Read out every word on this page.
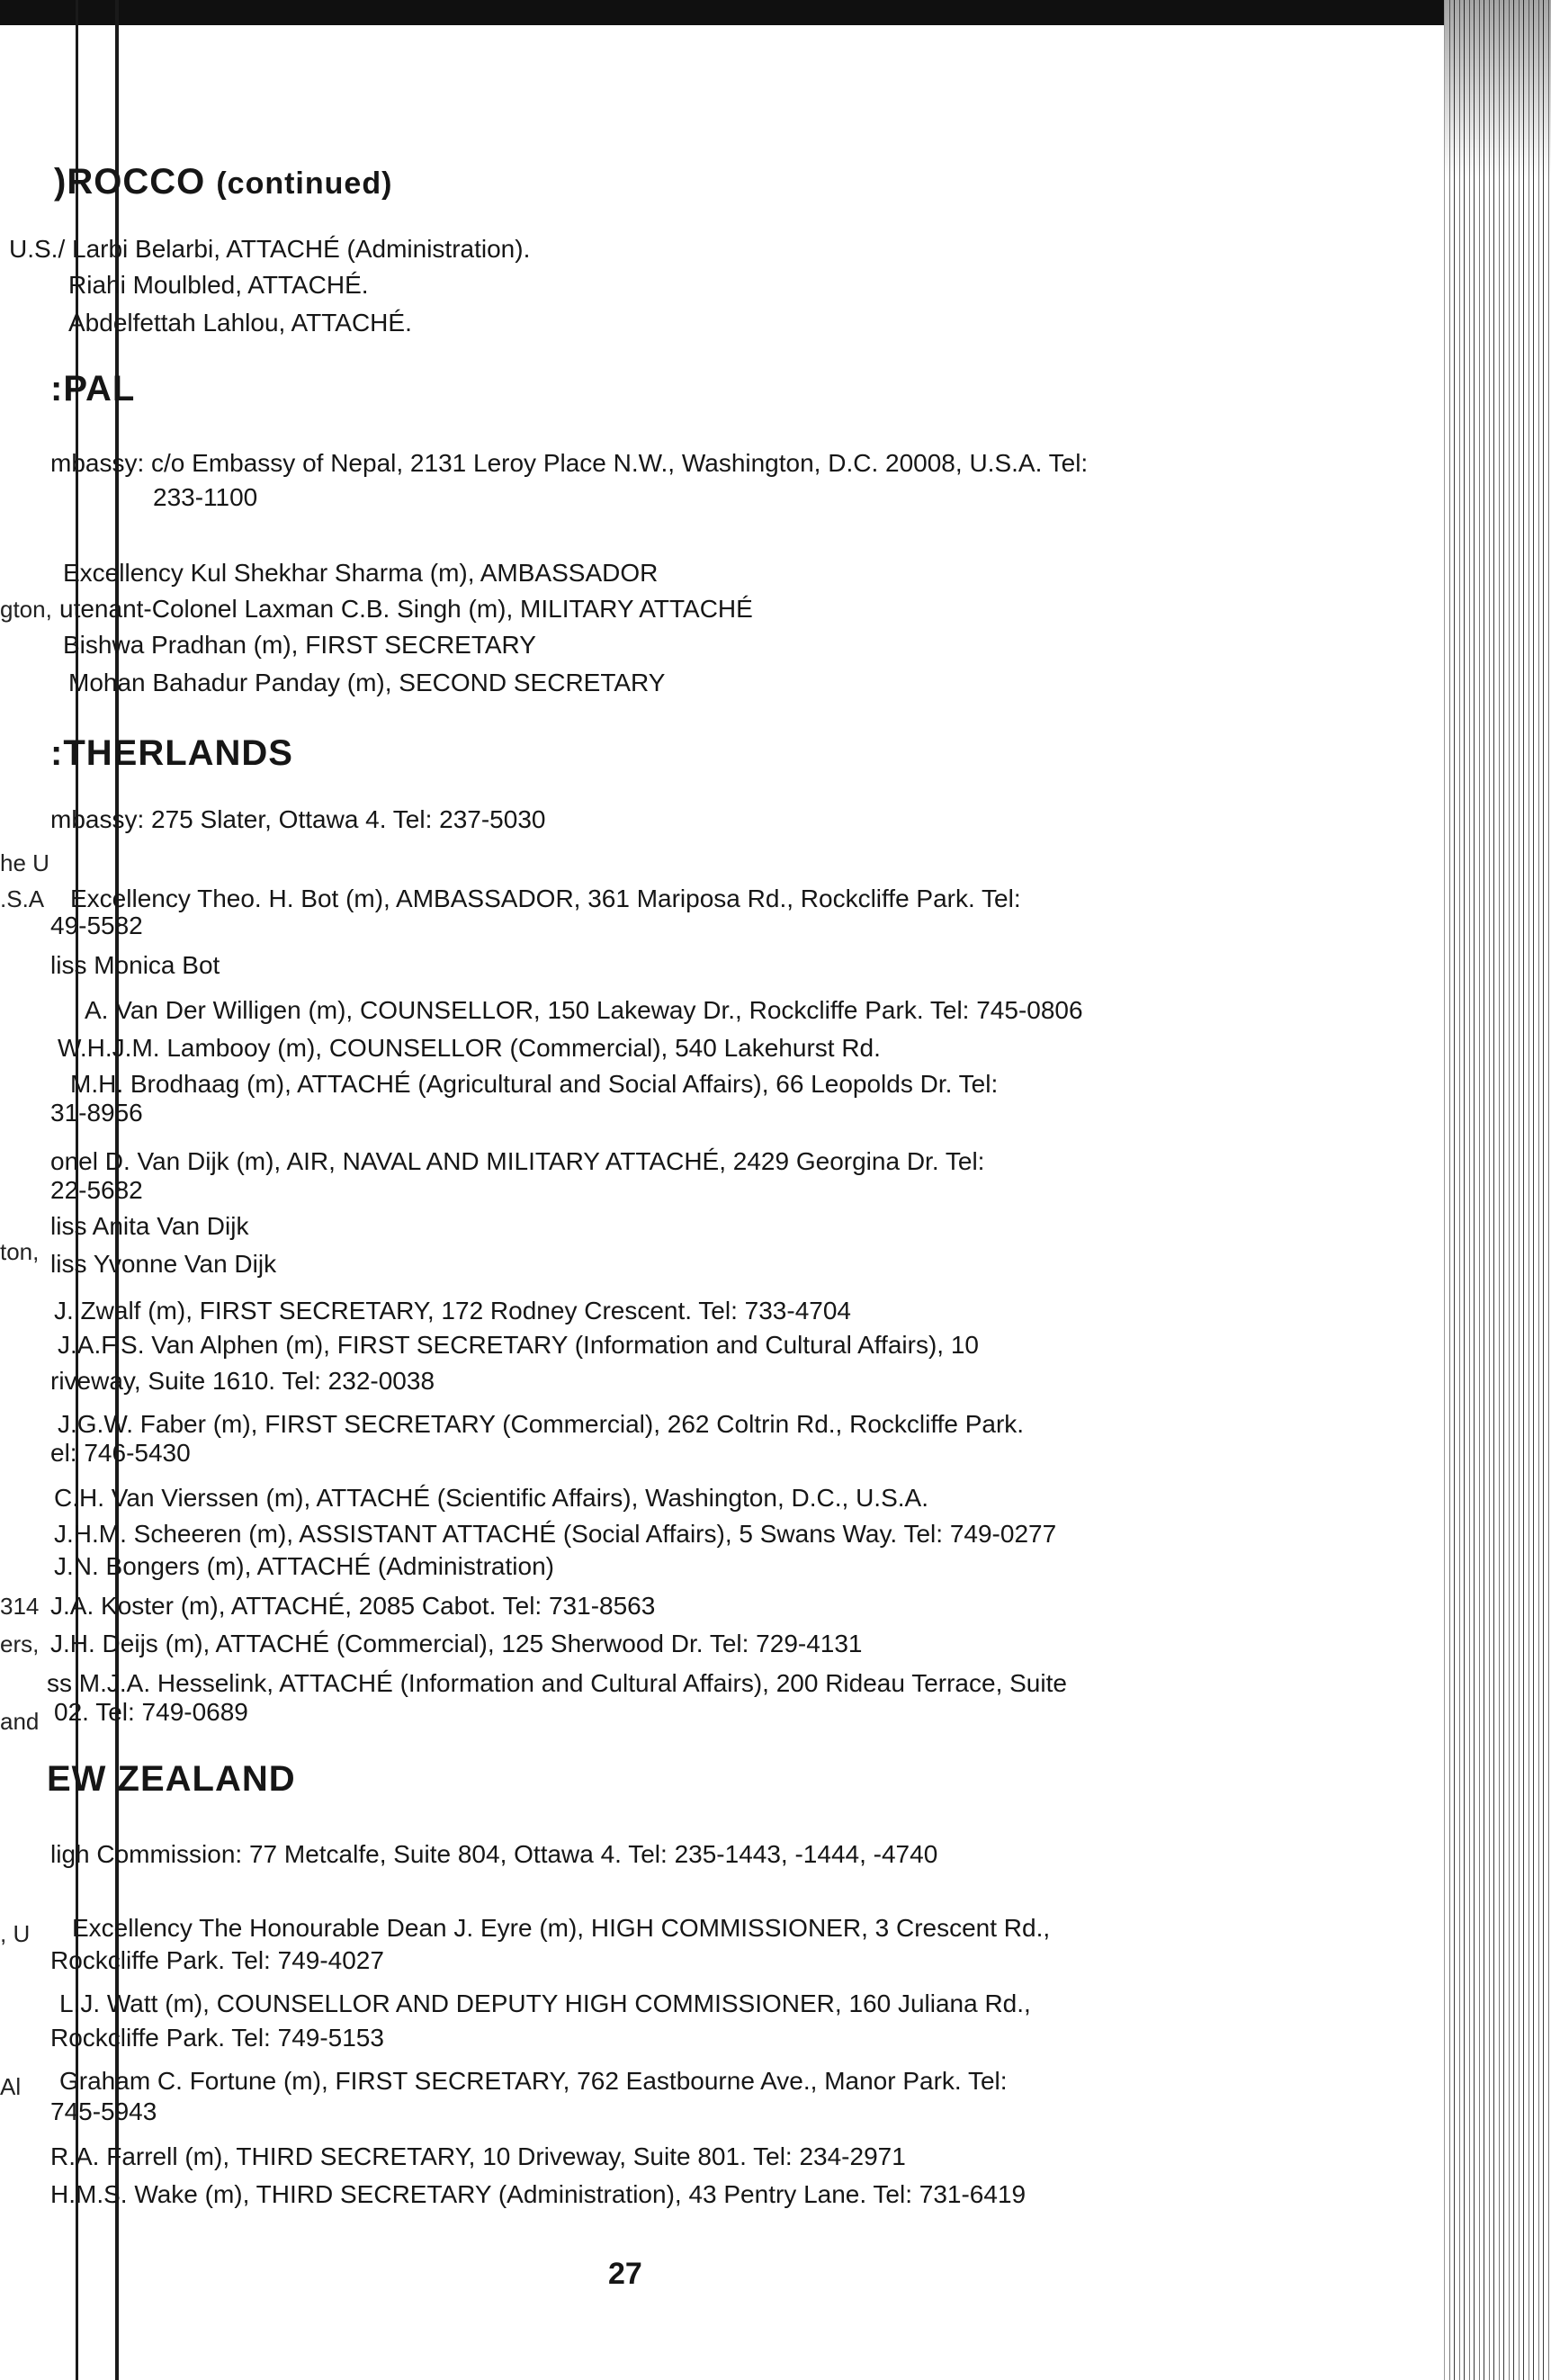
)ROCCO (continued)
U.S./ Larbi Belarbi, ATTACHÉ (Administration).
Riahi Moulbled, ATTACHÉ.
Abdelfettah Lahlou, ATTACHÉ.
:PAL
mbassy: c/o Embassy of Nepal, 2131 Leroy Place N.W., Washington, D.C. 20008, U.S.A. Tel:
233-1100
Excellency Kul Shekhar Sharma (m), AMBASSADOR
utenant-Colonel Laxman C.B. Singh (m), MILITARY ATTACHÉ
Bishwa Pradhan (m), FIRST SECRETARY
Mohan Bahadur Panday (m), SECOND SECRETARY
:THERLANDS
mbassy: 275 Slater, Ottawa 4. Tel: 237-5030
Excellency Theo. H. Bot (m), AMBASSADOR, 361 Mariposa Rd., Rockcliffe Park. Tel:
49-5582
liss Monica Bot
A. Van Der Willigen (m), COUNSELLOR, 150 Lakeway Dr., Rockcliffe Park. Tel: 745-0806
W.H.J.M. Lambooy (m), COUNSELLOR (Commercial), 540 Lakehurst Rd.
M.H. Brodhaag (m), ATTACHÉ (Agricultural and Social Affairs), 66 Leopolds Dr. Tel:
31-8956
onel D. Van Dijk (m), AIR, NAVAL AND MILITARY ATTACHÉ, 2429 Georgina Dr. Tel:
22-5682
liss Anita Van Dijk
liss Yvonne Van Dijk
J. Zwalf (m), FIRST SECRETARY, 172 Rodney Crescent. Tel: 733-4704
J.A.F.S. Van Alphen (m), FIRST SECRETARY (Information and Cultural Affairs), 10
riveway, Suite 1610. Tel: 232-0038
J.G.W. Faber (m), FIRST SECRETARY (Commercial), 262 Coltrin Rd., Rockcliffe Park.
el: 746-5430
C.H. Van Vierssen (m), ATTACHÉ (Scientific Affairs), Washington, D.C., U.S.A.
J.H.M. Scheeren (m), ASSISTANT ATTACHÉ (Social Affairs), 5 Swans Way. Tel: 749-0277
J.N. Bongers (m), ATTACHÉ (Administration)
J.A. Koster (m), ATTACHÉ, 2085 Cabot. Tel: 731-8563
J.H. Deijs (m), ATTACHÉ (Commercial), 125 Sherwood Dr. Tel: 729-4131
ss M.J.A. Hesselink, ATTACHÉ (Information and Cultural Affairs), 200 Rideau Terrace, Suite
02. Tel: 749-0689
EW ZEALAND
ligh Commission: 77 Metcalfe, Suite 804, Ottawa 4. Tel: 235-1443, -1444, -4740
Excellency The Honourable Dean J. Eyre (m), HIGH COMMISSIONER, 3 Crescent Rd.,
Rockcliffe Park. Tel: 749-4027
L.J. Watt (m), COUNSELLOR AND DEPUTY HIGH COMMISSIONER, 160 Juliana Rd.,
Rockcliffe Park. Tel: 749-5153
Graham C. Fortune (m), FIRST SECRETARY, 762 Eastbourne Ave., Manor Park. Tel:
745-5943
R.A. Farrell (m), THIRD SECRETARY, 10 Driveway, Suite 801. Tel: 234-2971
H.M.S. Wake (m), THIRD SECRETARY (Administration), 43 Pentry Lane. Tel: 731-6419
gton,
he U
.S.A
ton,
314
ers,
and
, U
Al
27
